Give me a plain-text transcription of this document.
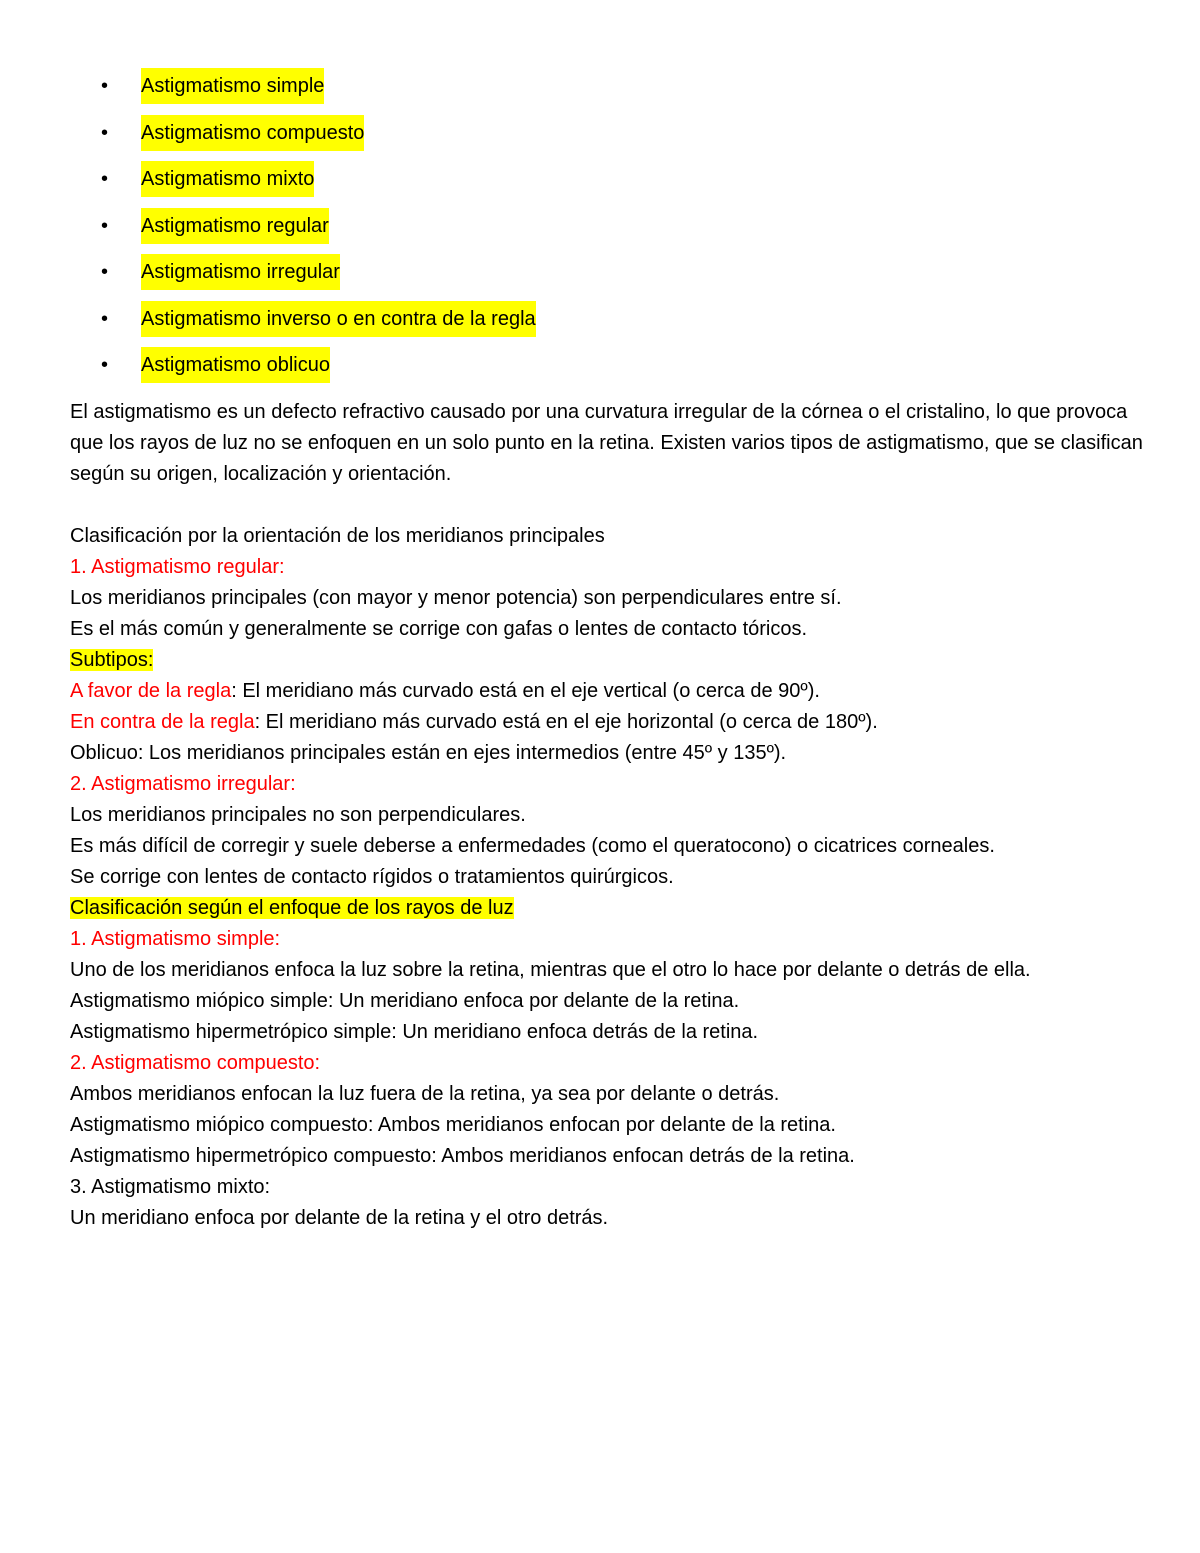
• Astigmatismo simple
• Astigmatismo compuesto
• Astigmatismo mixto
• Astigmatismo regular
• Astigmatismo irregular
• Astigmatismo inverso o en contra de la regla
• Astigmatismo oblicuo

El astigmatismo es un defecto refractivo causado por una curvatura irregular de la córnea o el cristalino, lo que provoca que los rayos de luz no se enfoquen en un solo punto en la retina. Existen varios tipos de astigmatismo, que se clasifican según su origen, localización y orientación.

Clasificación por la orientación de los meridianos principales
1. Astigmatismo regular:
Los meridianos principales (con mayor y menor potencia) son perpendiculares entre sí.
Es el más común y generalmente se corrige con gafas o lentes de contacto tóricos.
Subtipos:
A favor de la regla: El meridiano más curvado está en el eje vertical (o cerca de 90º).
En contra de la regla: El meridiano más curvado está en el eje horizontal (o cerca de 180º).
Oblicuo: Los meridianos principales están en ejes intermedios (entre 45º y 135º).
2. Astigmatismo irregular:
Los meridianos principales no son perpendiculares.
Es más difícil de corregir y suele deberse a enfermedades (como el queratocono) o cicatrices corneales.
Se corrige con lentes de contacto rígidos o tratamientos quirúrgicos.
Clasificación según el enfoque de los rayos de luz
1. Astigmatismo simple:
Uno de los meridianos enfoca la luz sobre la retina, mientras que el otro lo hace por delante o detrás de ella.
Astigmatismo miópico simple: Un meridiano enfoca por delante de la retina.
Astigmatismo hipermetrópico simple: Un meridiano enfoca detrás de la retina.
2. Astigmatismo compuesto:
Ambos meridianos enfocan la luz fuera de la retina, ya sea por delante o detrás.
Astigmatismo miópico compuesto: Ambos meridianos enfocan por delante de la retina.
Astigmatismo hipermetrópico compuesto: Ambos meridianos enfocan detrás de la retina.
3. Astigmatismo mixto:
Un meridiano enfoca por delante de la retina y el otro detrás.
